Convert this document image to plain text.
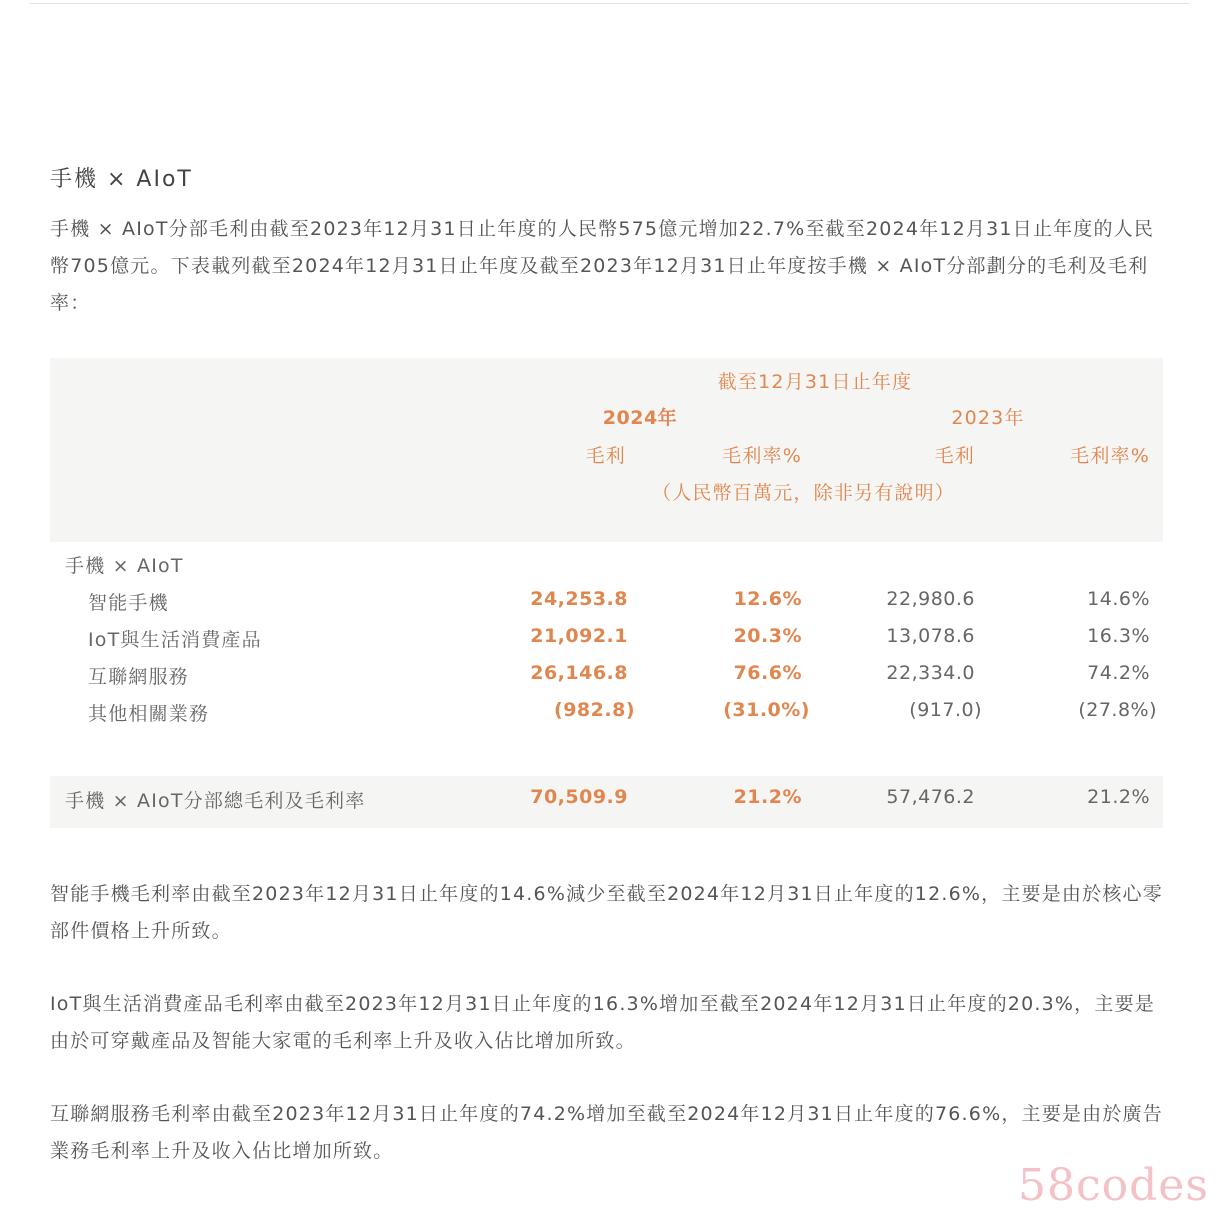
手機 × AIoT

手機 × AIoT分部毛利由截至2023年12月31日止年度的人民幣575億元增加22.7%至截至2024年12月31日止年度的人民幣705億元。下表載列截至2024年12月31日止年度及截至2023年12月31日止年度按手機 × AIoT分部劃分的毛利及毛利率：

截至12月31日止年度
2024年	2023年
毛利	毛利率%	毛利	毛利率%
（人民幣百萬元，除非另有說明）
手機 × AIoT
智能手機	24,253.8	12.6%	22,980.6	14.6%
IoT與生活消費產品	21,092.1	20.3%	13,078.6	16.3%
互聯網服務	26,146.8	76.6%	22,334.0	74.2%
其他相關業務	(982.8)	(31.0%)	(917.0)	(27.8%)
手機 × AIoT分部總毛利及毛利率	70,509.9	21.2%	57,476.2	21.2%

智能手機毛利率由截至2023年12月31日止年度的14.6%減少至截至2024年12月31日止年度的12.6%，主要是由於核心零部件價格上升所致。

IoT與生活消費產品毛利率由截至2023年12月31日止年度的16.3%增加至截至2024年12月31日止年度的20.3%，主要是由於可穿戴產品及智能大家電的毛利率上升及收入佔比增加所致。

互聯網服務毛利率由截至2023年12月31日止年度的74.2%增加至截至2024年12月31日止年度的76.6%，主要是由於廣告業務毛利率上升及收入佔比增加所致。

58codes
